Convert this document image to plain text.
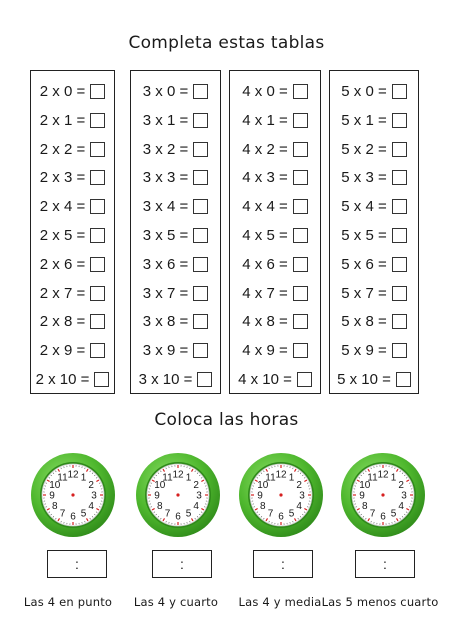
Completa estas tablas
2 x 0 =
2 x 1 =
2 x 2 =
2 x 3 =
2 x 4 =
2 x 5 =
2 x 6 =
2 x 7 =
2 x 8 =
2 x 9 =
2 x 10 =
3 x 0 =
3 x 1 =
3 x 2 =
3 x 3 =
3 x 4 =
3 x 5 =
3 x 6 =
3 x 7 =
3 x 8 =
3 x 9 =
3 x 10 =
4 x 0 =
4 x 1 =
4 x 2 =
4 x 3 =
4 x 4 =
4 x 5 =
4 x 6 =
4 x 7 =
4 x 8 =
4 x 9 =
4 x 10 =
5 x 0 =
5 x 1 =
5 x 2 =
5 x 3 =
5 x 4 =
5 x 5 =
5 x 6 =
5 x 7 =
5 x 8 =
5 x 9 =
5 x 10 =
Coloca las horas
12 1
2
3
4
5
6
7
8
9
10
11	12 1
2
3
4
5
6
7
8
9
10
11	12 1
2
3
4
5
6
7
8
9
10
11	12 1
2
3
4
5
6
7
8
9
10
11
:	:	:	:
Las 4 en punto Las 4 y cuarto Las 4 y media Las 5 menos cuarto
